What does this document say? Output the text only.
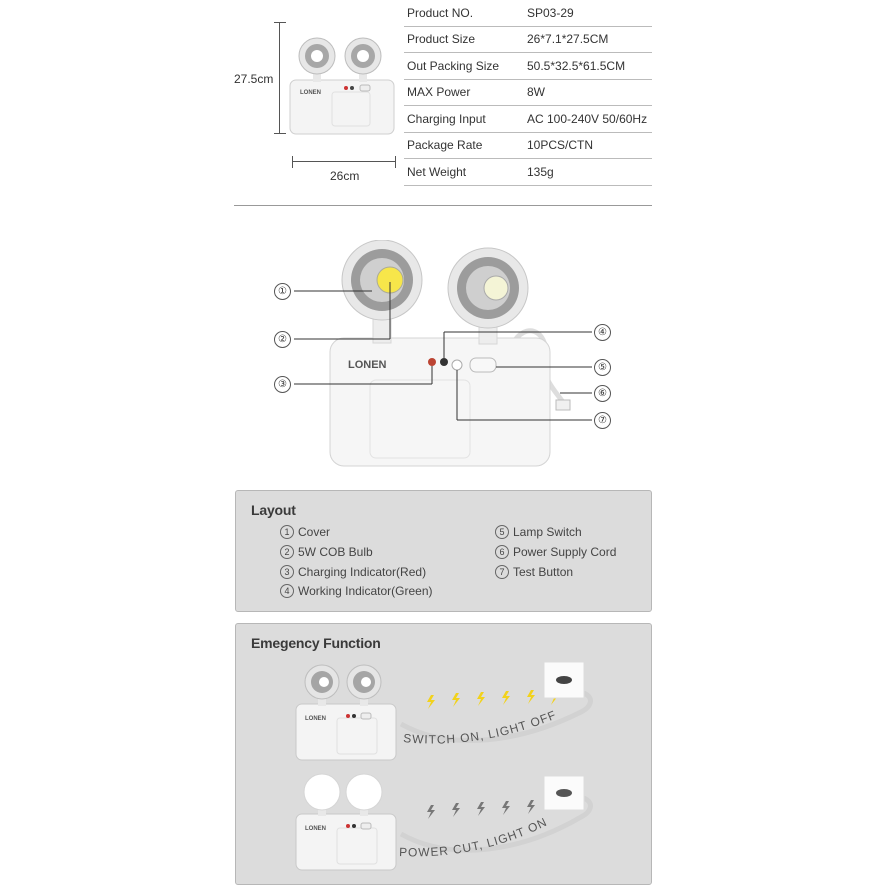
27.5cm
LONEN
26cm
Product NO.	SP03-29
Product Size	26*7.1*27.5CM
Out Packing Size	50.5*32.5*61.5CM
MAX Power	8W
Charging Input	AC 100-240V 50/60Hz
Package Rate	10PCS/CTN
Net Weight	135g
LONEN
①
②
③
④
⑤
⑥
⑦
Layout
1 Cover
2 5W COB Bulb
3 Charging Indicator(Red)
4 Working Indicator(Green)
5 Lamp Switch
6 Power Supply Cord
7 Test Button
Emegency Function
LONEN
SWITCH ON, LIGHT OFF
LONEN
POWER CUT, LIGHT ON
